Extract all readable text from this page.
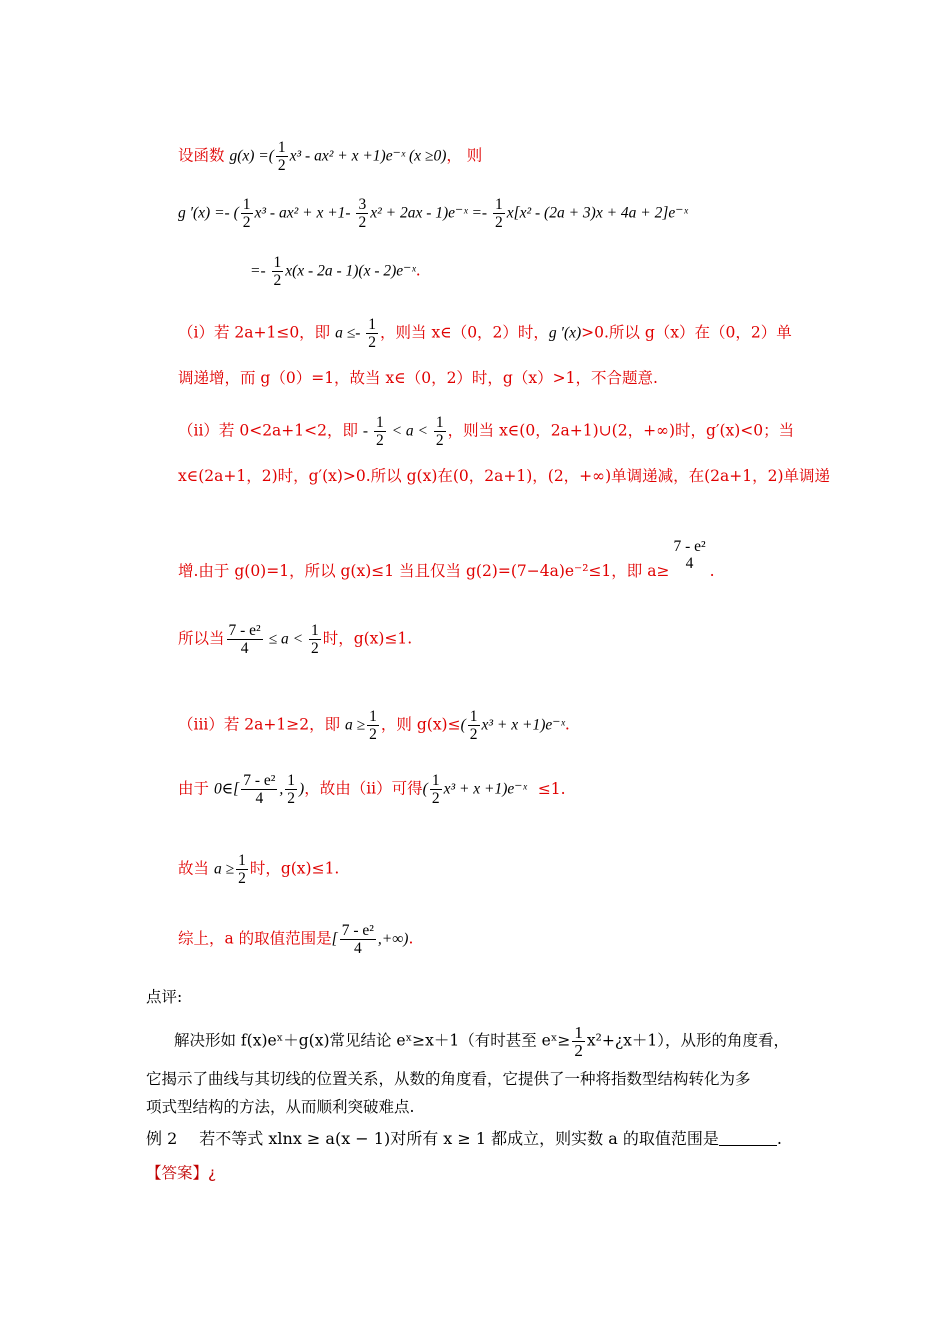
设函数 g(x) =( $\frac{1}{2} x^3 - ax^2 + x$ +1)e⁻ˣ (x ≥0)， 则
g ′(x) =- ( $\frac{1}{2} x^3 - ax^2 + x +1- \frac{3}{2} x^2 + 2ax$ - 1)e⁻ˣ =- $\frac{1}{2} x[x^2 - (2a + 3)x + 4a$ + 2]e⁻ˣ
=- $\frac{1}{2} x(x - 2a - 1)(x$ - 2)e⁻ˣ.
（i）若 2a+1≤0，即 $a \le- \frac{1}{2}$ ，则当 x∈（0，2）时，g ′(x)>0.所以 g（x）在（0，2）单
调递增，而 g（0）=1，故当 x∈（0，2）时，g（x）>1，不合题意.
（ii）若 0<2a+1<2，即 - $\frac{1}{2} < a < \frac{1}{2}$ ，则当 x∈(0，2a+1)∪(2，+∞)时，g′(x)<0；当
x∈(2a+1，2)时，g′(x)>0.所以 g(x)在(0，2a+1)，(2，+∞)单调递减，在(2a+1，2)单调递
增.由于 g(0)=1，所以 g(x)≤1 当且仅当 g(2)=(7−4a)e⁻²≤1，即 a≥
7 - e²
4	.
所以当 $\frac{\text{7 - e²}}{4} \le a < \frac{1}{2}$ 时，g(x)≤1.
（iii）若 2a+1≥2，即 $a \ge \frac{1}{2}$ ，则 $g(x)\le( \frac{1}{2} x^3 + x$ +1)e⁻ˣ.
由于 0∈[ $\frac{\text{7 - e²}}{4}$ , $\frac{1}{2}$ )，故由（ii）可得( $\frac{1}{2} x^3 + x$ +1)e⁻ˣ ≤1.
故当 $a \ge \frac{1}{2}$ 时，g(x)≤1.
综上，a 的取值范围是[ $\frac{\text{7 - e²}}{4}$ ,+∞).
点评:
解决形如 f(x)eˣ＋g(x)常见结论 eˣ≥x＋1（有时甚至 eˣ≥ $\frac{1}{2}$ x²+¿x＋1），从形的角度看，
它揭示了曲线与其切线的位置关系，从数的角度看，它提供了一种将指数型结构转化为多
项式型结构的方法，从而顺利突破难点.
例 2 若不等式 xlnx ≥ a(x − 1)对所有 x ≥ 1 都成立，则实数 a 的取值范围是	.
【答案】¿
